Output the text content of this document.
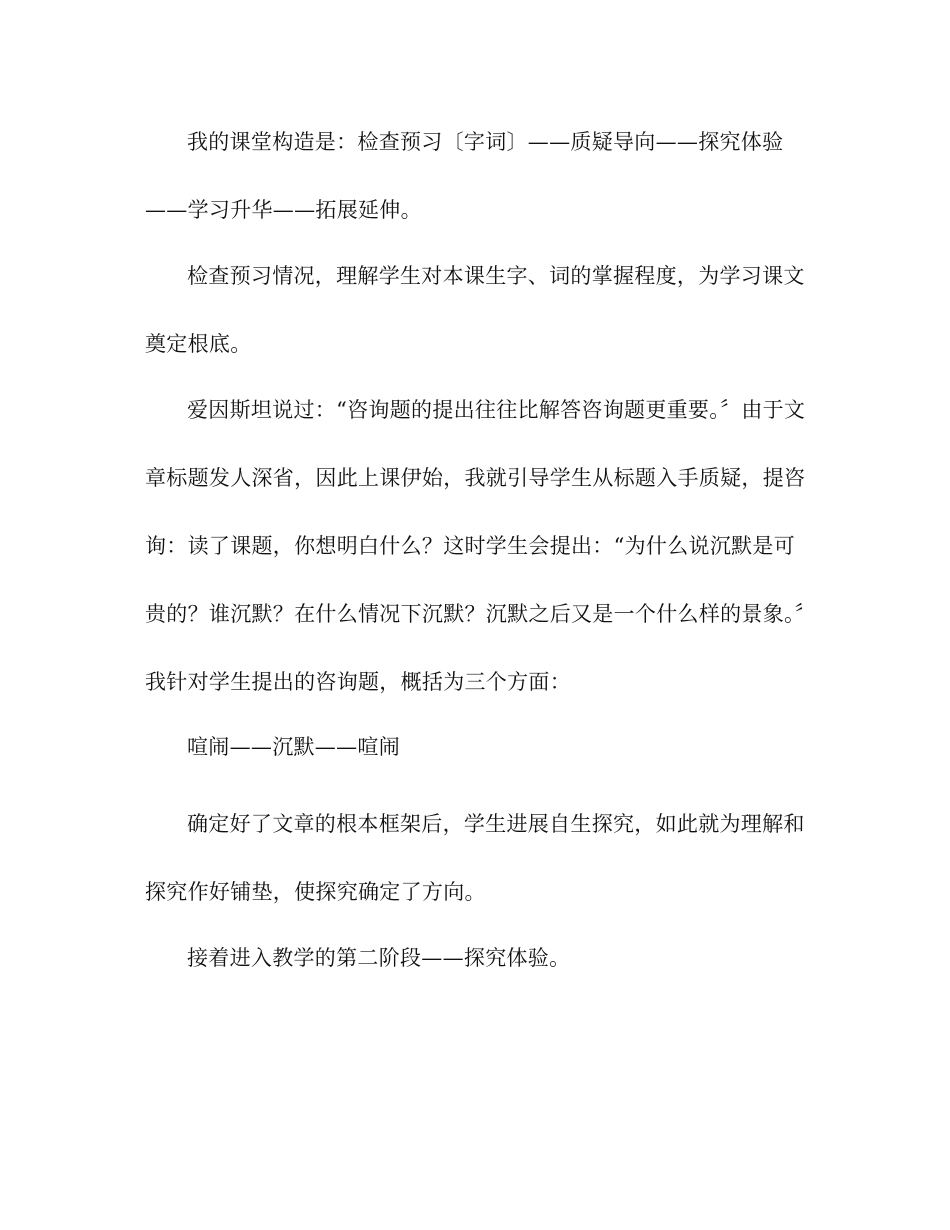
我的课堂构造是：检查预习〔字词〕——质疑导向——探究体验——学习升华——拓展延伸。

检查预习情况，理解学生对本课生字、词的掌握程度，为学习课文奠定根底。

爱因斯坦说过：“咨询题的提出往往比解答咨询题更重要。〞由于文章标题发人深省，因此上课伊始，我就引导学生从标题入手质疑，提咨询：读了课题，你想明白什么？这时学生会提出：“为什么说沉默是可贵的？谁沉默？在什么情况下沉默？沉默之后又是一个什么样的景象。〞我针对学生提出的咨询题，概括为三个方面：

喧闹——沉默——喧闹

确定好了文章的根本框架后，学生进展自生探究，如此就为理解和探究作好铺垫，使探究确定了方向。

接着进入教学的第二阶段——探究体验。
